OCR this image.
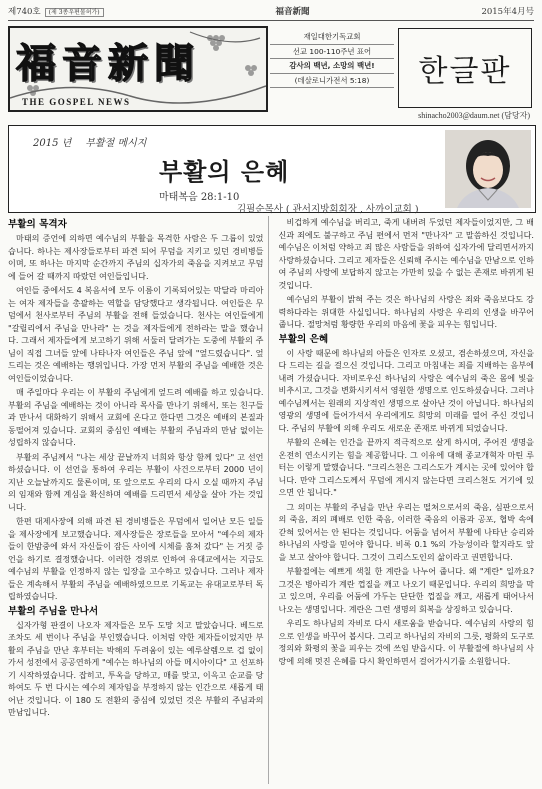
제740호 (제 3종우편물허가)	福音新聞	2015年4月号
福音新聞
THE GOSPEL NEWS
재일대한기독교회
선교 100-110주년 표어
감사의 백년, 소망의 백년!
(데살로니가전서 5:18)	한글판
shinacho2003@daum.net (담당자)
2015 년 부활절 메시지
부활의 은혜
마태복음 28:1-10
김필순목사 ( 관서지방회회장 , 사까이교회 )
부활의 목격자

마태의 증언에 의하면 예수님의 부활을 목격한 사람은 두 그룹이 있었습니다. 하나는 제사장들로부터 파견 되어 무덤을 지키고 있던 경비병들이며, 또 하나는 마지막 순간까지 주님의 십자가의 죽음을 지켜보고 무덤에 들어 갈 때까지 따랐던 여인들입니다.

여인들 중에서도 4 복음서에 모두 이름이 기록되어있는 막달라 마리아는 여자 제자들을 총괄하는 역할을 담당했다고 생각됩니다. 여인들은 무덤에서 천사로부터 주님의 부활을 전해 들었습니다. 천사는 여인들에게 "갈릴리에서 주님을 만나라" 는 것을 제자들에게 전하라는 말을 했습니다. 그래서 제자들에게 보고하기 위해 서둘러 달려가는 도중에 부활의 주님이 직접 그녀들 앞에 나타나자 여인들은 주님 앞에 "엎드렸습니다". 엎드리는 것은 예배하는 행위입니다. 가장 먼저 부활의 주님을 예배한 것은 여인들이었습니다.

매 주일마다 우리는 이 부활의 주님에게 엎드려 예배를 하고 있습니다. 부활의 주님을 예배하는 것이 아니라 목사를 만나기 위해서, 또는 친구들과 만나서 대화하기 위해서 교회에 온다고 한다면 그것은 예배의 본질과 동떨어져 있습니다. 교회의 중심인 예배는 부활의 주님과의 만남 없이는 성립하지 않습니다.

부활의 주님께서 "나는 세상 끝날까지 너희와 항상 함께 있다" 고 선언하셨습니다. 이 선언을 통하여 우리는 부활이 사건으로부터 2000 년이 지난 오늘날까지도 물론이며, 또 앞으로도 우리의 다시 오실 때까지 주님의 임재와 함께 계심을 확신하며 예배를 드리면서 세상을 살아 가는 것입니다.

한편 대제사장에 의해 파견 된 경비병들은 무덤에서 일어난 모든 일들을 제사장에게 보고했습니다. 제사장들은 장로들을 모아서 "예수의 제자들이 한밤중에 와서 자신들이 잠든 사이에 시체를 훔쳐 갔다" 는 거짓 증언을 하기로 결정했습니다. 이러한 경위로 인하여 유대교에서는 지금도 예수님의 부활을 인정하지 않는 입장을 고수하고 있습니다. 그러나 제자들은 계속해서 부활의 주님을 예배하였으므로 기독교는 유대교로부터 독립하였습니다.

부활의 주님을 만나서

십자가형 판결이 나오자 제자들은 모두 도망 치고 말았습니다. 베드로조차도 세 번이나 주님을 부인했습니다. 이처럼 약한 제자들이었지만 부활의 주님을 만난 후부터는 박해의 두려움이 있는 예루살렘으로 겁 없이 가서 성전에서 공공연하게 "예수는 하나님의 아들 메시아이다" 고 선포하기 시작하였습니다. 잡히고, 투옥을 당하고, 매를 맞고, 이윽고 순교를 당하여도 두 번 다시는 예수의 제자임을 부정하지 않는 인간으로 새롭게 태어난 것입니다. 이 180 도 전환의 중심에 있었던 것은 부활의 주님과의 만남입니다.

비겁하게 예수님을 버리고, 죽게 내버려 두었던 제자들이었지만, 그 배신과 죄에도 불구하고 주님 편에서 먼저 "만나자" 고 말씀하신 것입니다. 예수님은 이처럼 약하고 죄 많은 사람들을 위하여 십자가에 달리면서까지 사랑하셨습니다. 그리고 제자들은 신뢰해 주시는 예수님을 만남으로 인하여 주님의 사랑에 보답하지 않고는 가만히 있을 수 없는 존재로 바뀌게 된 것입니다.

예수님의 부활이 밝혀 주는 것은 하나님의 사랑은 죄와 죽음보다도 강력하다라는 위대한 사실입니다. 하나님의 사랑은 우리의 인생을 바꾸어 줍니다. 절망처럼 황량한 우리의 마음에 꽃을 피우는 힘입니다.

부활의 은혜

이 사랑 때문에 하나님의 아들은 인자로 오셨고, 겸손하셨으며, 자신을 다 드리는 길을 걸으신 것입니다. 그리고 마침내는 죄를 지배하는 음부에 내려 가셨습니다. 자비로우신 하나님의 사랑은 예수님의 죽은 몸에 빛을 비추시고, 그것을 변화시키셔서 영원한 생명으로 인도하셨습니다. 그러나 예수님께서는 원래의 지상적인 생명으로 살아난 것이 아닙니다. 하나님의 영광의 생명에 들어가셔서 우리에게도 희망의 미래를 열어 주신 것입니다. 주님의 부활에 의해 우리도 새로운 존재로 바뀌게 되었습니다.

부활의 은혜는 인간을 끝까지 적극적으로 살게 하시며, 주어진 생명을 온전히 연소시키는 힘을 제공합니다. 그 이유에 대해 종교개혁자 마틴 루터는 이렇게 말했습니다. "크리스천은 그리스도가 계시는 곳에 있어야 합니다. 만약 그리스도께서 무덤에 계시지 않는다면 크리스천도 거기에 있으면 안 됩니다."

그 의미는 부활의 주님을 만난 우리는 떨쳐으로서의 죽음, 심판으로서의 죽음, 죄의 폐배로 인한 죽음, 이러한 죽음의 이름과 공포, 협박 속에 갇혀 있어서는 안 된다는 것입니다. 어둠을 넘어서 부활에 나타난 승리와 하나님의 사랑을 믿어야 합니다. 비록 0.1 %의 가능성이라 할지라도 앞을 보고 살아야 합니다. 그것이 그리스도인의 삶이라고 권면합니다.

부활절에는 예쁘게 색칠 한 계란을 나누어 줍니다. 왜 "계란" 일까요? 그것은 병아리가 계란 껍질을 깨고 나오기 때문입니다. 우리의 희망을 막고 있으며, 우리를 어둠에 가두는 단단한 껍질을 깨고, 새롭게 태어나서 나오는 생명입니다. 계란은 그런 생명의 회복을 상징하고 있습니다.

우리도 하나님의 자비로 다시 새로움을 받습니다. 예수님의 사랑의 힘으로 인생을 바꾸어 봅시다. 그리고 하나님의 자비의 그릇, 평화의 도구로 정의와 화평의 꽃을 피우는 것에 쓰임 받읍시다. 이 부활절에 하나님의 사랑에 의해 멋진 은혜를 다시 확인하면서 걸어가시기를 소원합니다.
